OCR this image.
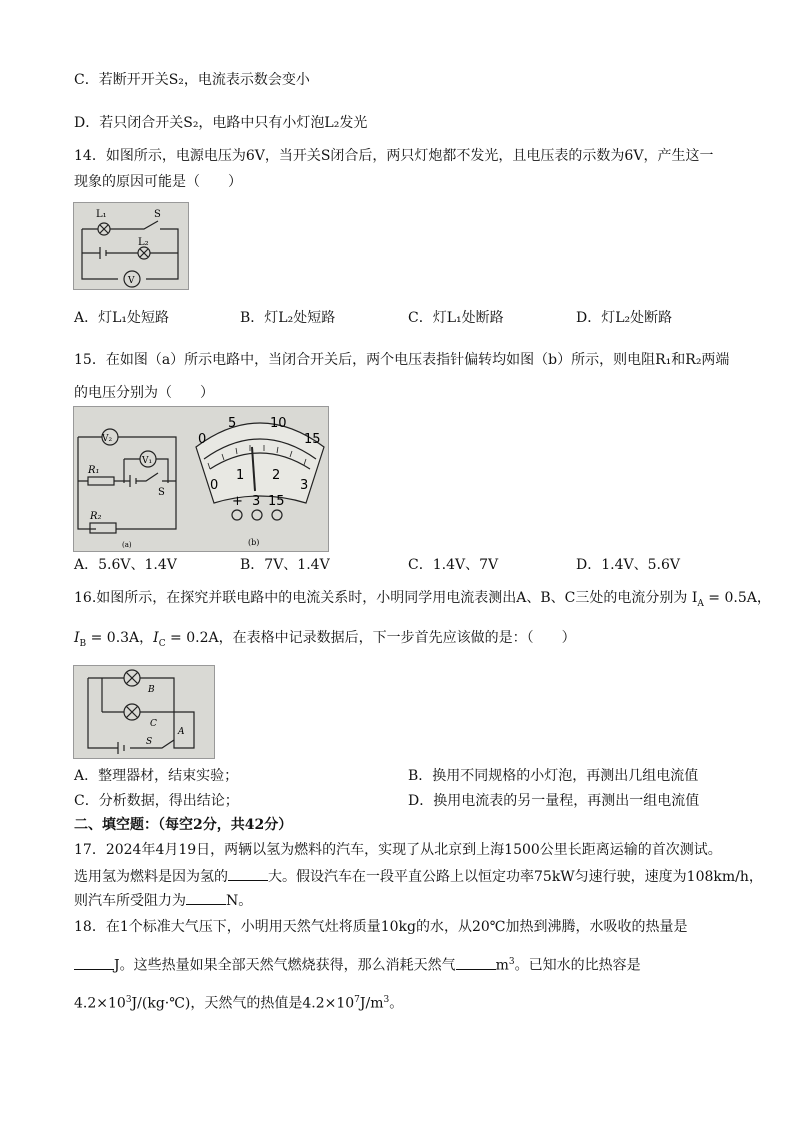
C．若断开开关S₂，电流表示数会变小
D．若只闭合开关S₂，电路中只有小灯泡L₂发光
14．如图所示，电源电压为6V，当开关S闭合后，两只灯炮都不发光，且电压表的示数为6V，产生这一
现象的原因可能是（　　）
L₁	S
L₂
V
A．灯L₁处短路	B．灯L₂处短路	C．灯L₁处断路	D．灯L₂处断路
15．在如图（a）所示电路中，当闭合开关后，两个电压表指针偏转均如图（b）所示，则电阻R₁和R₂两端
的电压分别为（　　）
V₂
V₁
R₁
R₂
S
(a)	(b)
0
5	10
15
0
1 2
3
+ 3 15
A．5.6V、1.4V	B．7V、1.4V	C．1.4V、7V	D．1.4V、5.6V
16.如图所示，在探究并联电路中的电流关系时，小明同学用电流表测出A、B、C三处的电流分别为 $I_A = 0.5A$，
$I_B = 0.3A$，$I_C = 0.2A$，在表格中记录数据后，下一步首先应该做的是：（　　）
B
C
A
S
A．整理器材，结束实验；	B．换用不同规格的小灯泡，再测出几组电流值
C．分析数据，得出结论；	D．换用电流表的另一量程，再测出一组电流值
二、填空题：（每空2分，共42分）
17．2024年4月19日，两辆以氢为燃料的汽车，实现了从北京到上海1500公里长距离运输的首次测试。
选用氢为燃料是因为氢的	大。假设汽车在一段平直公路上以恒定功率75kW匀速行驶，速度为108km/h，
则汽车所受阻力为	N。
18．在1个标准大气压下，小明用天然气灶将质量10kg的水，从20℃加热到沸腾，水吸收的热量是
J。这些热量如果全部天然气燃烧获得，那么消耗天然气	$m^3$。已知水的比热容是
$4.2\times 10^3J/(kg\cdot℃)$，天然气的热值是$4.2\times 10^7J/m^3$。
